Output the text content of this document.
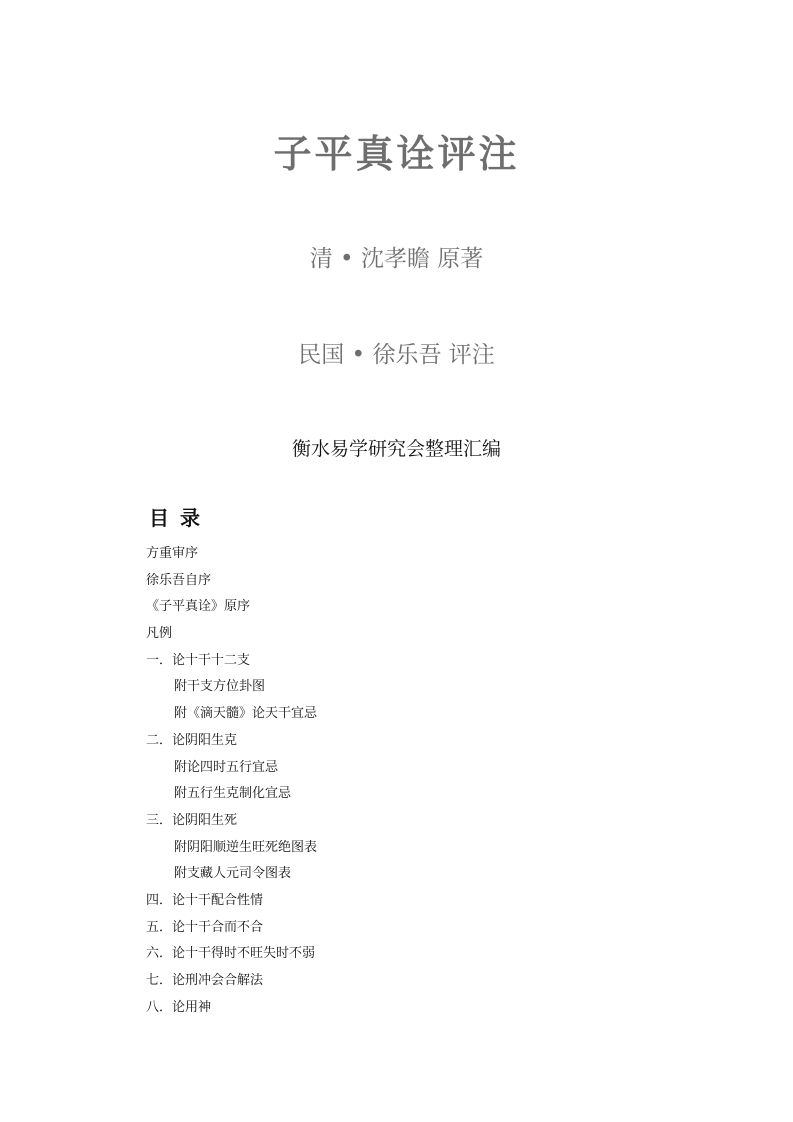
子平真诠评注
清 • 沈孝瞻 原著
民国 • 徐乐吾 评注
衡水易学研究会整理汇编
目 录
方重审序
徐乐吾自序
《子平真诠》原序
凡例
一．论十干十二支
附干支方位卦图
附《滴天髓》论天干宜忌
二．论阴阳生克
附论四时五行宜忌
附五行生克制化宜忌
三．论阴阳生死
附阴阳顺逆生旺死绝图表
附支藏人元司令图表
四．论十干配合性情
五．论十干合而不合
六．论十干得时不旺失时不弱
七．论刑冲会合解法
八．论用神
